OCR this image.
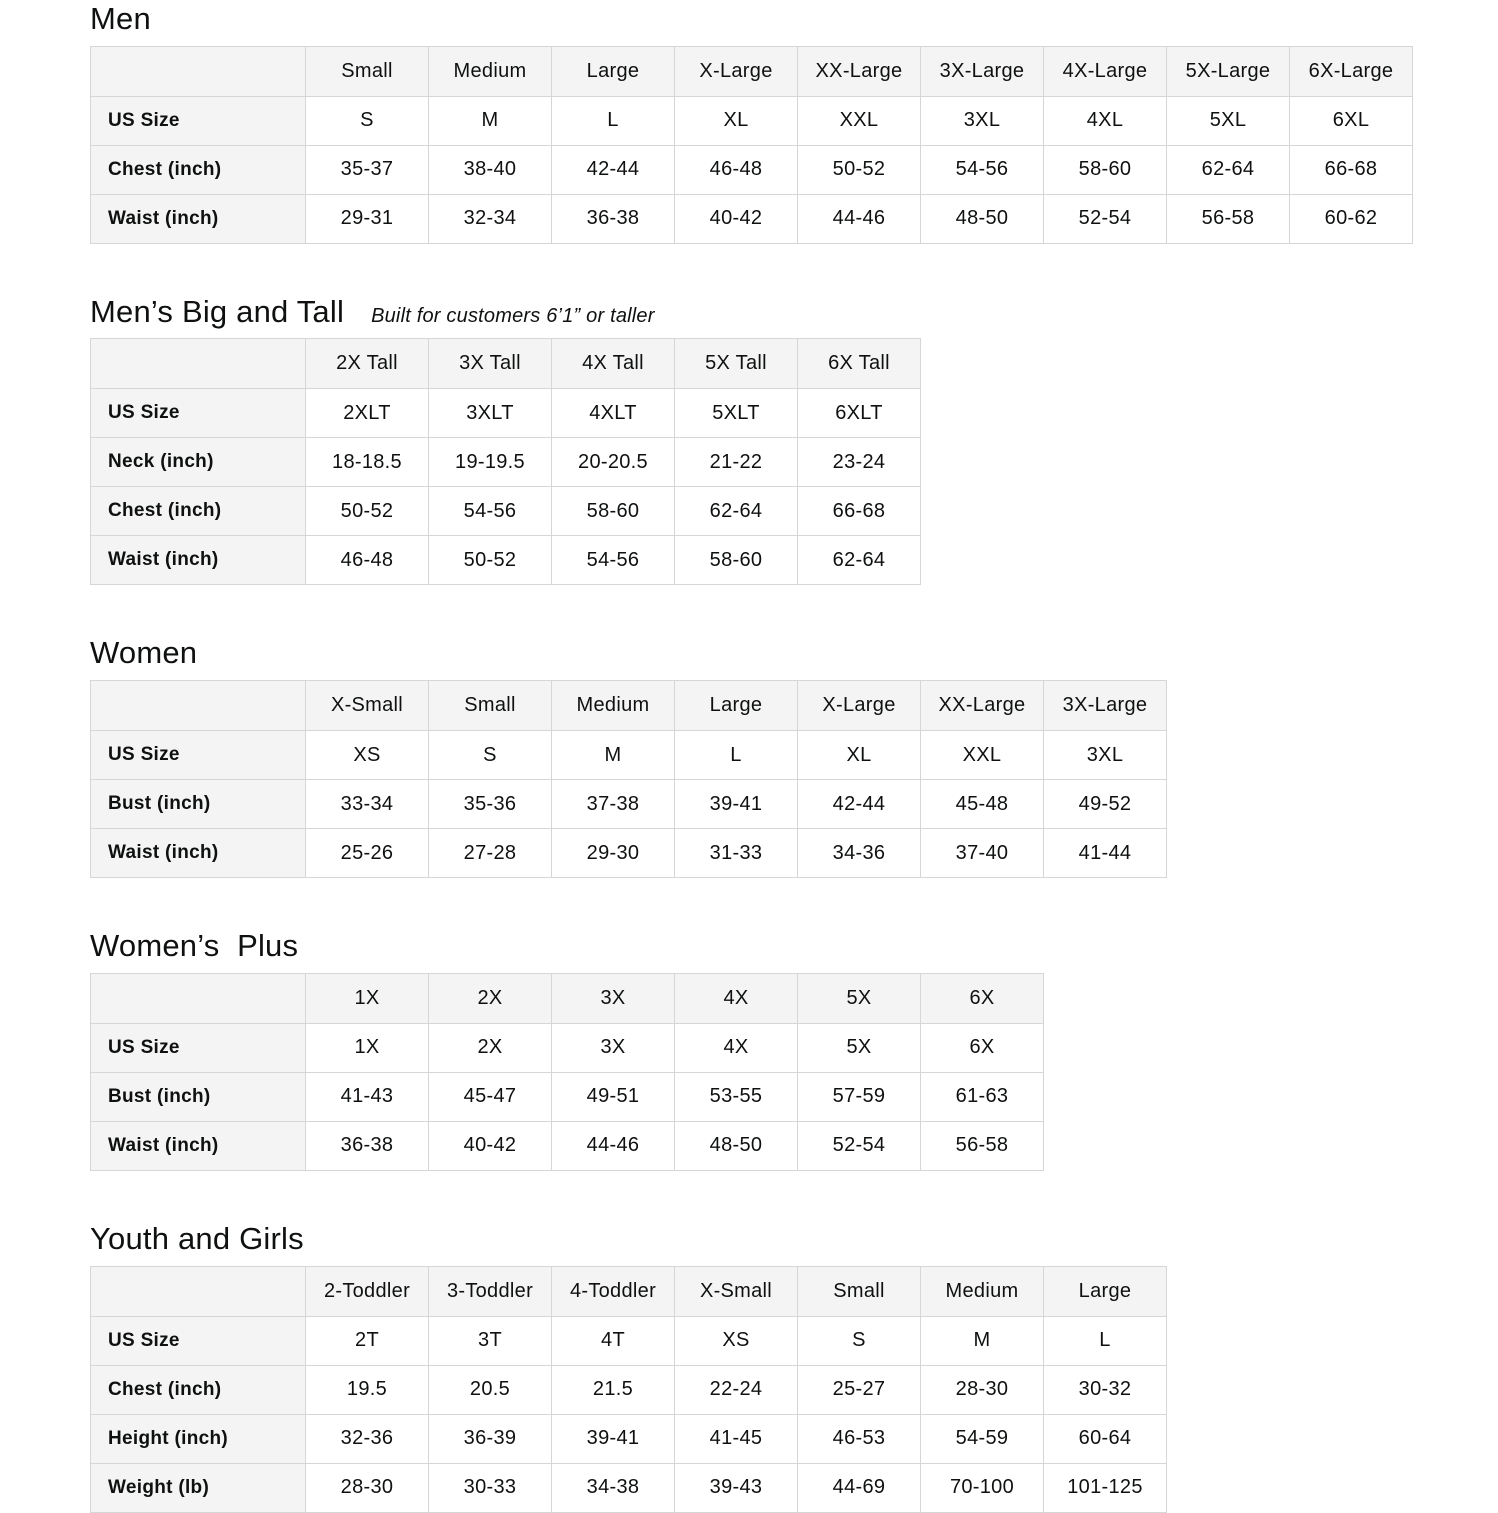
Men
	Small	Medium	Large	X-Large	XX-Large	3X-Large	4X-Large	5X-Large	6X-Large
US Size	S	M	L	XL	XXL	3XL	4XL	5XL	6XL
Chest (inch)	35-37	38-40	42-44	46-48	50-52	54-56	58-60	62-64	66-68
Waist (inch)	29-31	32-34	36-38	40-42	44-46	48-50	52-54	56-58	60-62
Men’s Big and Tall Built for customers 6’1” or taller
	2X Tall	3X Tall	4X Tall	5X Tall	6X Tall
US Size	2XLT	3XLT	4XLT	5XLT	6XLT
Neck (inch)	18-18.5	19-19.5	20-20.5	21-22	23-24
Chest (inch)	50-52	54-56	58-60	62-64	66-68
Waist (inch)	46-48	50-52	54-56	58-60	62-64
Women
	X-Small	Small	Medium	Large	X-Large	XX-Large	3X-Large
US Size	XS	S	M	L	XL	XXL	3XL
Bust (inch)	33-34	35-36	37-38	39-41	42-44	45-48	49-52
Waist (inch)	25-26	27-28	29-30	31-33	34-36	37-40	41-44
Women’s  Plus
	1X	2X	3X	4X	5X	6X
US Size	1X	2X	3X	4X	5X	6X
Bust (inch)	41-43	45-47	49-51	53-55	57-59	61-63
Waist (inch)	36-38	40-42	44-46	48-50	52-54	56-58
Youth and Girls
	2-Toddler	3-Toddler	4-Toddler	X-Small	Small	Medium	Large
US Size	2T	3T	4T	XS	S	M	L
Chest (inch)	19.5	20.5	21.5	22-24	25-27	28-30	30-32
Height (inch)	32-36	36-39	39-41	41-45	46-53	54-59	60-64
Weight (lb)	28-30	30-33	34-38	39-43	44-69	70-100	101-125
